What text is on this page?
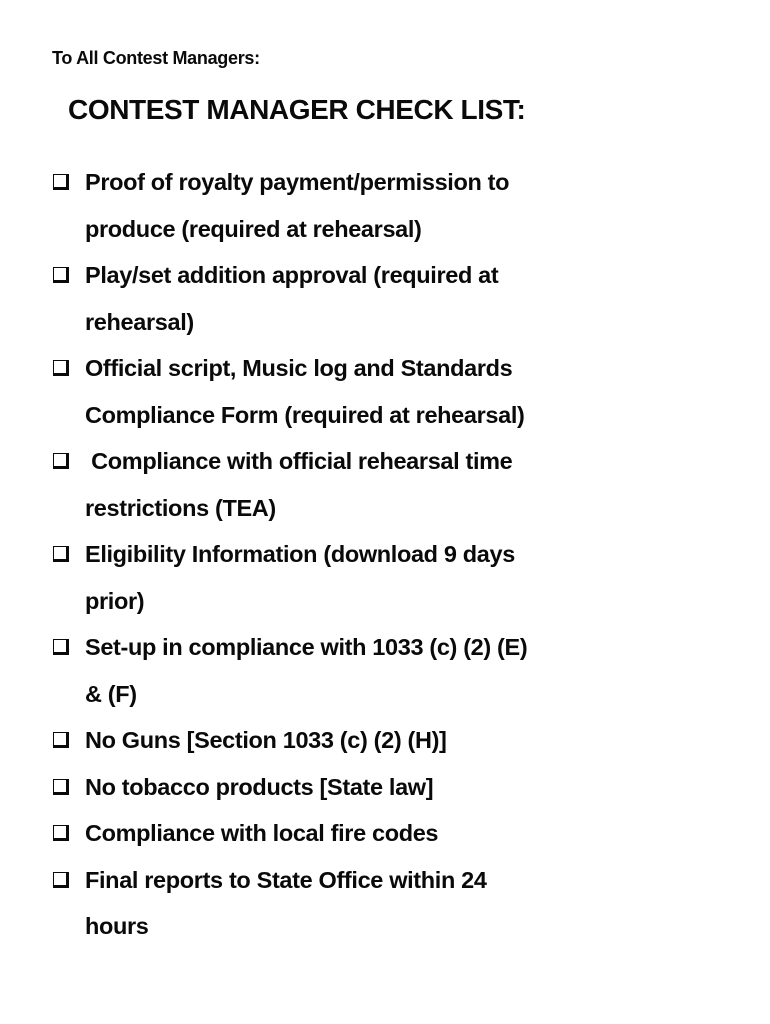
To All Contest Managers:
CONTEST MANAGER CHECK LIST:
Proof of royalty payment/permission to
produce (required at rehearsal)
Play/set addition approval (required at
rehearsal)
Official script, Music log and Standards
Compliance Form (required at rehearsal)
Compliance with official rehearsal time
restrictions (TEA)
Eligibility Information (download 9 days
prior)
Set-up in compliance with 1033 (c) (2) (E)
& (F)
No Guns [Section 1033 (c) (2) (H)]
No tobacco products [State law]
Compliance with local fire codes
Final reports to State Office within 24
hours
